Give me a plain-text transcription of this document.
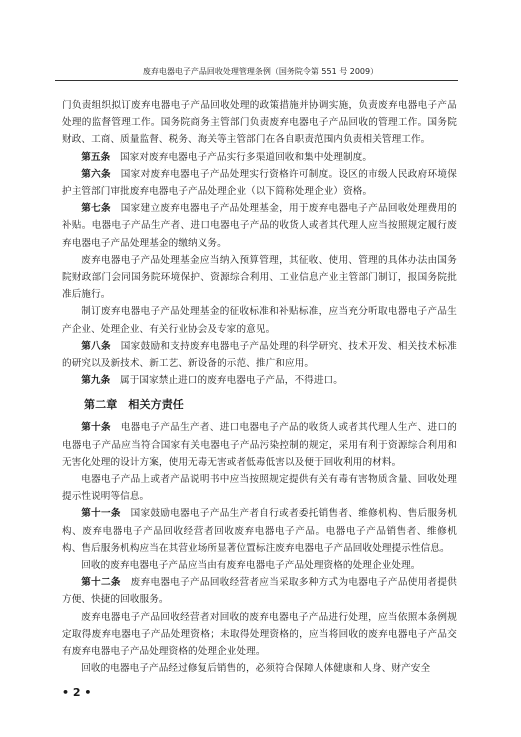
废弃电器电子产品回收处理管理条例（国务院令第 551 号 2009）

门负责组织拟订废弃电器电子产品回收处理的政策措施并协调实施，负责废弃电器电子产品处理的监督管理工作。国务院商务主管部门负责废弃电器电子产品回收的管理工作。国务院财政、工商、质量监督、税务、海关等主管部门在各自职责范围内负责相关管理工作。

第五条　 国家对废弃电器电子产品实行多渠道回收和集中处理制度。

第六条　 国家对废弃电器电子产品处理实行资格许可制度。设区的市级人民政府环境保护主管部门审批废弃电器电子产品处理企业（以下简称处理企业）资格。

第七条　 国家建立废弃电器电子产品处理基金，用于废弃电器电子产品回收处理费用的补贴。电器电子产品生产者、进口电器电子产品的收货人或者其代理人应当按照规定履行废弃电器电子产品处理基金的缴纳义务。

废弃电器电子产品处理基金应当纳入预算管理，其征收、使用、管理的具体办法由国务院财政部门会同国务院环境保护、资源综合利用、工业信息产业主管部门制订，报国务院批准后施行。

制订废弃电器电子产品处理基金的征收标准和补贴标准，应当充分听取电器电子产品生产企业、处理企业、有关行业协会及专家的意见。

第八条　 国家鼓励和支持废弃电器电子产品处理的科学研究、技术开发、相关技术标准的研究以及新技术、新工艺、新设备的示范、推广和应用。

第九条　 属于国家禁止进口的废弃电器电子产品，不得进口。

第二章　相关方责任

第十条　 电器电子产品生产者、进口电器电子产品的收货人或者其代理人生产、进口的电器电子产品应当符合国家有关电器电子产品污染控制的规定，采用有利于资源综合利用和无害化处理的设计方案，使用无毒无害或者低毒低害以及便于回收利用的材料。

电器电子产品上或者产品说明书中应当按照规定提供有关有毒有害物质含量、回收处理提示性说明等信息。

第十一条　 国家鼓励电器电子产品生产者自行或者委托销售者、维修机构、售后服务机构、废弃电器电子产品回收经营者回收废弃电器电子产品。电器电子产品销售者、维修机构、售后服务机构应当在其营业场所显著位置标注废弃电器电子产品回收处理提示性信息。

回收的废弃电器电子产品应当由有废弃电器电子产品处理资格的处理企业处理。

第十二条　 废弃电器电子产品回收经营者应当采取多种方式为电器电子产品使用者提供方便、快捷的回收服务。

废弃电器电子产品回收经营者对回收的废弃电器电子产品进行处理，应当依照本条例规定取得废弃电器电子产品处理资格；未取得处理资格的，应当将回收的废弃电器电子产品交有废弃电器电子产品处理资格的处理企业处理。

回收的电器电子产品经过修复后销售的，必须符合保障人体健康和人身、财产安全

• 2 •
